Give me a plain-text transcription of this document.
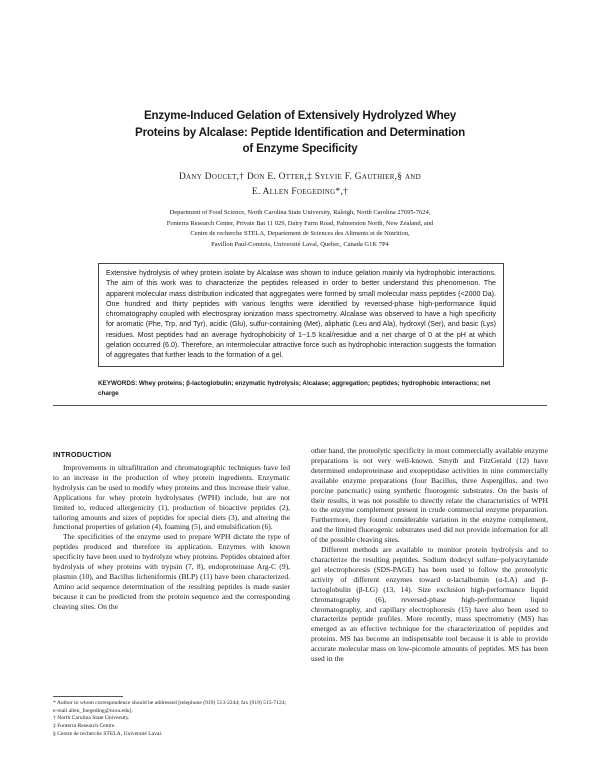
Enzyme-Induced Gelation of Extensively Hydrolyzed Whey
Proteins by Alcalase: Peptide Identification and Determination
of Enzyme Specificity
Dany Doucet,† Don E. Otter,‡ Sylvie F. Gauthier,§ and
E. Allen Foegeding*,†
Department of Food Science, North Carolina State University, Raleigh, North Carolina 27695-7624,
Fonterra Research Center, Private Bat 11 029, Dairy Farm Road, Palmerston North, New Zealand, and
Centre de recherche STELA, Departement de Sciences des Aliments et de Nutrition,
Pavillon Paul-Comtois, Université Laval, Quebec, Canada G1K 7P4
Extensive hydrolysis of whey protein isolate by Alcalase was shown to induce gelation mainly via hydrophobic interactions. The aim of this work was to characterize the peptides released in order to better understand this phenomenon. The apparent molecular mass distribution indicated that aggregates were formed by small molecular mass peptides (<2000 Da). One hundred and thirty peptides with various lengths were identified by reversed-phase high-performance liquid chromatography coupled with electrospray ionization mass spectrometry. Alcalase was observed to have a high specificity for aromatic (Phe, Trp, and Tyr), acidic (Glu), sulfur-containing (Met), aliphatic (Leu and Ala), hydroxyl (Ser), and basic (Lys) residues. Most peptides had an average hydrophobicity of 1−1.5 kcal/residue and a net charge of 0 at the pH at which gelation occurred (6.0). Therefore, an intermolecular attractive force such as hydrophobic interaction suggests the formation of aggregates that further leads to the formation of a gel.
KEYWORDS: Whey proteins; β-lactoglobulin; enzymatic hydrolysis; Alcalase; aggregation; peptides; hydrophobic interactions; net charge
INTRODUCTION

Improvements in ultrafiltration and chromatographic techniques have led to an increase in the production of whey protein ingredients. Enzymatic hydrolysis can be used to modify whey proteins and thus increase their value. Applications for whey protein hydrolysates (WPH) include, but are not limited to, reduced allergenicity (1), production of bioactive peptides (2), tailoring amounts and sizes of peptides for special diets (3), and altering the functional properties of gelation (4), foaming (5), and emulsification (6).

The specificities of the enzyme used to prepare WPH dictate the type of peptides produced and therefore its application. Enzymes with known specificity have been used to hydrolyze whey proteins. Peptides obtained after hydrolysis of whey proteins with trypsin (7, 8), endoproteinase Arg-C (9), plasmin (10), and Bacillus licheniformis (BLP) (11) have been characterized. Amino acid sequence determination of the resulting peptides is made easier because it can be predicted from the protein sequence and the corresponding cleaving sites. On the

other hand, the proteolytic specificity in most commercially available enzyme preparations is not very well-known. Smyth and FitzGerald (12) have determined endoproteinase and exopeptidase activities in nine commercially available enzyme preparations (four Bacillus, three Aspergillus, and two porcine pancreatic) using synthetic fluorogenic substrates. On the basis of their results, it was not possible to directly relate the characteristics of WPH to the enzyme complement present in crude commercial enzyme preparation. Furthermore, they found considerable variation in the enzyme complement, and the limited fluorogenic substrates used did not provide information for all of the possible cleaving sites.

Different methods are available to monitor protein hydrolysis and to characterize the resulting peptides. Sodium dodecyl sulfate−polyacrylamide gel electrophoresis (SDS-PAGE) has been used to follow the proteolytic activity of different enzymes toward α-lactalbumin (α-LA) and β-lactoglobulin (β-LG) (13, 14). Size exclusion high-performance liquid chromatography (6), reversed-phase high-performance liquid chromatography, and capillary electrophoresis (15) have also been used to characterize peptide profiles. More recently, mass spectrometry (MS) has emerged as an effective technique for the characterization of peptides and proteins. MS has become an indispensable tool because it is able to provide accurate molecular mass on low-picomole amounts of peptides. MS has been used in the

* Author to whom correspondence should be addressed [telephone (919) 513-2244; fax (919) 515-7124; e-mail allen_foegeding@ncsu.edu].
† North Carolina State University.
‡ Fonterra Research Centre.
§ Centre de recherche STELA, Université Laval.
